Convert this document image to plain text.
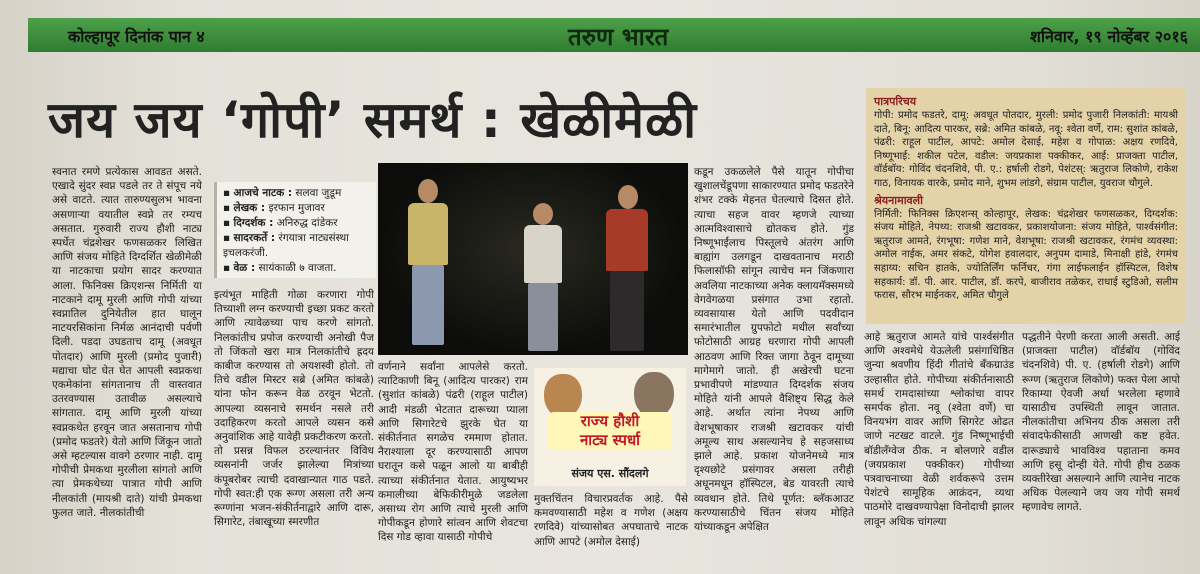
कोल्हापूर दिनांक पान ४	तरुण भारत	शनिवार, १९ नोव्हेंबर २०१६
जय जय ‘गोपी’ समर्थ : खेळीमेळी

स्वनात रमणे प्रत्येकास आवडत असते. एखादे सुंदर स्वप्न पडले तर ते संपूच नये असे वाटते. त्यात तारुण्यसुलभ भावना असणाऱ्या वयातील स्वप्ने तर रम्यच असतात. गुरुवारी राज्य हौशी नाट्य स्पर्धेत चंद्रशेखर फणसळकर लिखित आणि संजय मोहिते दिग्दर्शित खेळीमेळी या नाटकाचा प्रयोग सादर करण्यात आला. फिनिक्स क्रिएशन्स निर्मिती या नाटकाने दामू मुरली आणि गोपी यांच्या स्वप्नातिल दुनियेतील हात घालून नाटयरसिकांना निर्मळ आनंदाची पर्वणी दिली. पडदा उघडताच दामू (अवधूत पोतदार) आणि मुरली (प्रमोद पुजारी) मद्याचा घोट घेत घेत आपली स्वप्नकथा एकमेकांना सांगतानाच ती वास्तवात उतरवण्यास उतावीळ असल्याचे सांगतात. दामू आणि मुरली यांच्या स्वप्नकथेत हरवून जात असतानाच गोपी (प्रमोद फडतरे) येतो आणि जिंकून जातो असे म्हटल्यास वावगे ठरणार नाही. दामू गोपीची प्रेमकथा मुरलीला सांगतो आणि त्या प्रेमकथेच्या पात्रात गोपी आणि नीलकांती (मायश्री दाते) यांची प्रेमकथा फुलत जाते. नीलकांतीची

▪ आजचे नाटक : सलवा जुडूम
▪ लेखक : इरफान मुजावर
▪ दिग्दर्शक : अनिरुद्ध दांडेकर
▪ सादरकर्ते : रंगयात्रा नाट्यसंस्था इचलकरंजी.
▪ वेळ : सायंकाळी ७ वाजता.

इत्यंभूत माहिती गोळा करणारा गोपी तिच्याशी लग्न करण्याची इच्छा प्रकट करतो आणि त्यावेळच्या पाच करणे सांगतो. निलकांतीच प्रपोज करण्याची अनोखी पैज तो जिंकतो खरा मात्र निलकांतीचे ह्रदय काबीज करण्यास तो अयशस्वी होतो. तो तिचे वडील मिस्टर सब्रे (अमित कांबळे) यांना फोन करून वेळ ठरवून भेटतो. आपल्या व्यसनाचे समर्थन नसले तरी उदाहिकरण करतो आपले व्यसन कसे अनुवांशिक आहे यावेही प्रकटीकरण करतो. तो प्रसन्न विफल ठरल्यानंतर विविध व्यसनांनी जर्जर झालेल्या मित्रांच्या कंपूबरोबर त्याची दवाखान्यात गाठ पडते. गोपी स्वत:ही एक रूग्ण असला तरी अन्य रूग्णांना भजन-संकीर्तनाद्वारे आणि दारू, सिगारेट, तंबाखूच्या स्मरणीत

वर्णनाने सर्वांना आपलेसे करतो. त्याटिकाणी बिनू (आदित्य पारकर) राम (सुशांत कांबळे) पंढरी (राहूल पाटील) आदी मंडळी भेटतात दारूच्या प्याला आणि सिगारेटचे झुरके घेत या संकीर्तनात सगळेच रममाण होतात. नैराश्याला दूर करण्यासाठी आपण घरातून कसे पळून आलो या बाबीही त्याच्या संकीर्तनात येतात. आयुष्यभर कमालीच्या बेफिकीरीमुळे जडलेला असाध्य रोग आणि त्याचे मुरली आणि गोपीकडून होणारे सांत्वन आणि शेवटचा दिस गोड व्हावा यासाठी गोपीचे

राज्य हौशी
नाट्य स्पर्धा
संजय एस. सौंदलगे

मुक्तचिंतन विचारप्रवर्तक आहे. पैसे कमवण्यासाठी महेश व गणेश (अक्षय रणदिवे) यांच्यासोबत अपघाताचे नाटक आणि आपटे (अमोल देसाई)

कडून उकळलेले पैसे यातून गोपीचा खुशालचेंडूपणा साकारण्यात प्रमोद फडतरेने शंभर टक्के मेहनत घेतल्याचे दिसत होते. त्याचा सहज वावर म्हणजे त्याच्या आत्मविश्वासाचे द्योतकच होते. गुंड निष्णूभाईंलाच पिस्तूलचे अंतरंग आणि बाह्यांग उलगडून दाखवतानाच मराठी फिलासॉफी सांगून त्याचेच मन जिंकणारा अवलिया नाटकाच्या अनेक क्लायमॅक्समध्ये वेगवेगळया प्रसंगात उभा रहातो. व्यवसायास येतो आणि पदवीदान समारंभातील ग्रुपफोटो मधील सर्वांच्या फोटोसाठी आग्रह धरणारा गोपी आपली आठवण आणि रिक्त जागा ठेवून दामूच्या मागेमागे जातो. ही अखेरची घटना प्रभावीपणे मांडण्यात दिग्दर्शक संजय मोहिते यांनी आपले वैशिष्ट्य सिद्ध केले आहे. अर्थात त्यांना नेपथ्य आणि वेशभूषाकार राजश्री खटावकर यांची अमूल्य साथ असल्यानेच हे सहजसाध्य झाले आहे. प्रकाश योजनेमध्ये मात्र दृश्यछोटे प्रसंगावर असला तरीही अधूनमधून हॉस्पिटल, बेड यावरती त्याचे व्यवधान होते. तिथे पूर्णत: ब्लॅकआउट करण्यासाठीचे चिंतन संजय मोहिते यांच्याकडून अपेक्षित

पात्रपरिचय
गोपी: प्रमोद फडतरे, दामू: अवधूत पोतदार, मुरली: प्रमोद पुजारी निलकांती: मायश्री दाते, बिनू: आदित्य पारकर, सब्रे: अमित कांबळे, नवू: श्वेता वर्णे, राम: सुशांत कांबळे, पंढरी: राहूल पाटील, आपटे: अमोल देसाई, महेश व गोपाळ: अक्षय रणदिवे, निष्णूभाई: शकील पटेल, वडील: जयप्रकाश पक्कीकर, आई: प्राजक्ता पाटील, वॉर्डबॉय: गोविंद चंदनशिवे, पी. ए.: हर्षाली रोडगे, पेशंटस्: ऋतुराज लिकोणे, राकेश गाठ, विनायक वारके, प्रमोद माने, शुभम लांडगे, संग्राम पाटील, युवराज चौगुले.
श्रेयनामावली
निर्मिती: फिनिक्स क्रिएशन्स् कोल्हापूर, लेखक: चंद्रशेखर फणसळकर, दिग्दर्शक: संजय मोहिते, नेपथ्य: राजश्री खटावकर, प्रकाशयोजना: संजय मोहिते, पार्श्वसंगीत: ऋतुराज आमते, रंगभूषा: गणेश माने, वेशभूषा: राजश्री खटावकर, रंगमंच व्यवस्था: अमोल नाईक, अमर संकटे, योगेश हवालदार, अनुपम दामाडे, मिनाक्षी हांडे, रंगमंच सहाय्य: सचिन हातके, ज्योतिर्लिंग फर्निचर, गंगा लाईफलाईन हॉस्पिटल, विशेष सहकार्य: डॉ. पी. आर. पाटील, डॉ. करपे, बाजीराव तळेकर, राधाई स्टुडिओ, सलीम फरास, सौरभ माईनकर, अमित चौगुले

आहे ऋतुराज आमते यांचे पार्श्वसंगीत आणि अश्वमेधे येऊलेली प्रसंगाधिष्ठित जुन्या श्रवणीय हिंदी गीतांचे बँकग्राउंड उल्हासीत होते. गोपीच्या संकीर्तनासाठी समर्थ रामदासांच्या श्लोकांचा वापर समर्पक होता. नवू (श्वेता वर्णे) चा विनयभंग वावर आणि सिगरेट ओढत जाणे नटखट वाटले. गुंड निष्णूभाईची बॉडीलँग्वेज ठीक. न बोलणारे वडील (जयप्रकाश पक्कीकर) गोपीच्या पत्रवाचनाच्या वेळी शर्वकरूपे उत्तम पेशंटचे सामूहिक आक्रंदन, व्यथा पाठमोरे दाखवण्यापेक्षा विनोदाची झालर लावून अधिक चांगल्या

पद्धतीने पेरणी करता आली असती. आई (प्राजक्ता पाटील) वॉर्डबॉय (गोविंद चंदनशिवे) पी. ए. (हर्षाली रोडगे) आणि रूग्ण (ऋतुराज लिकोणे) फक्त पेला आपो रिकाम्या ऐवजी अर्धा भरलेला म्हणावे यासाठीच उपस्थिती लावून जातात. नीलकांतीचा अभिनय ठीक असला तरी संवादफेकीसाठी आणखी कष्ट हवेत. दारूड्याचे भावविश्व पहाताना कमव आणि हसू दोन्ही येते. गोपी हीच ठळक व्यक्तीरेखा असल्याने आणि त्यानेच नाटक अधिक पेलल्याने जय जय गोपी समर्थ म्हणावेच लागते.
